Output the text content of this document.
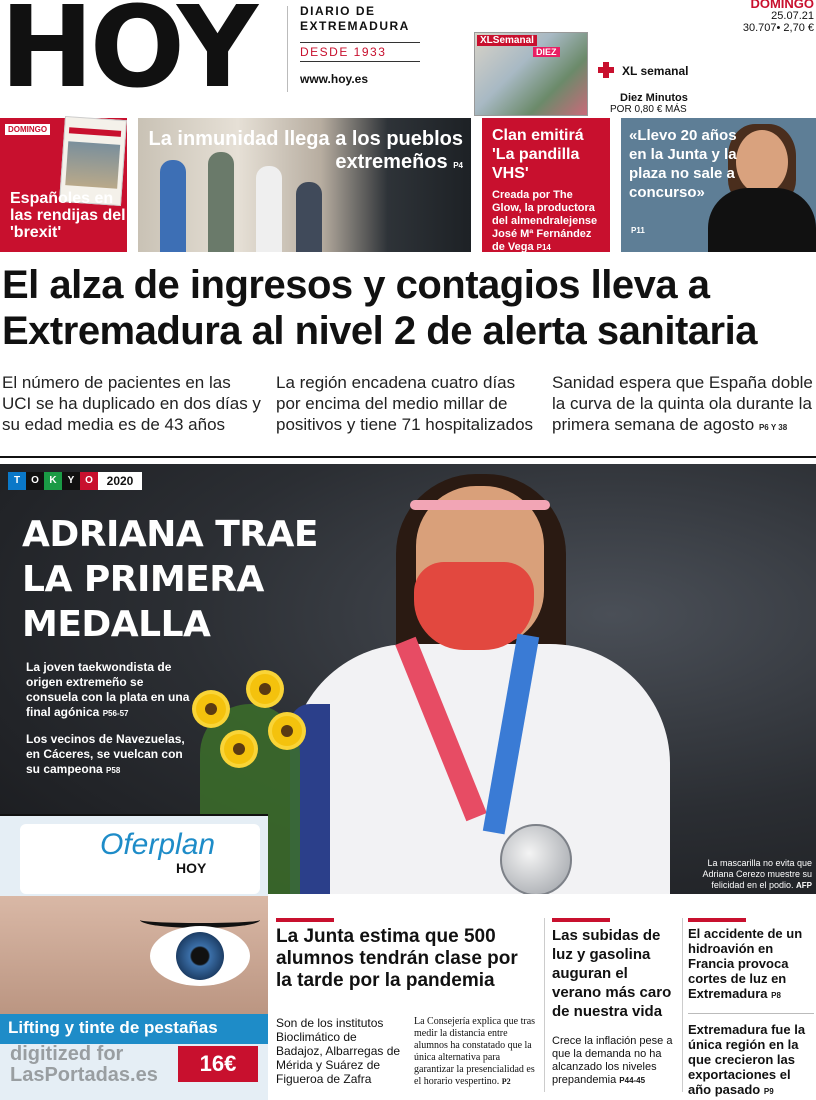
HOY	DIARIO DE EXTREMADURA
DESDE 1933
www.hoy.es
XLSemanal
DIEZ
XL semanal
Diez Minutos
POR 0,80 € MÁS
DOMINGO
25.07.21
30.707• 2,70 €
DOMINGO
Españoles en las rendijas del 'brexit'
La inmunidad llega a los pueblos extremeños P4
Clan emitirá 'La pandilla VHS'
Creada por The Glow, la productora del almendralejense José Mª Fernández de Vega P14
«Llevo 20 años en la Junta y la plaza no sale a concurso»
P11
El alza de ingresos y contagios lleva a Extremadura al nivel 2 de alerta sanitaria
El número de pacientes en las UCI se ha duplicado en dos días y su edad media es de 43 años
La región encadena cuatro días por encima del medio millar de positivos y tiene 71 hospitalizados
Sanidad espera que España doble la curva de la quinta ola durante la primera semana de agosto P6 Y 38
T	O	K	Y	O	2020
ADRIANA TRAE LA PRIMERA MEDALLA
La joven taekwondista de origen extremeño se consuela con la plata en una final agónica P56-57
Los vecinos de Navezuelas, en Cáceres, se vuelcan con su campeona P58
La mascarilla no evita que Adriana Cerezo muestre su felicidad en el podio. AFP
Oferplan
HOY
Lifting y tinte de pestañas
16€
digitized for LasPortadas.es
La Junta estima que 500 alumnos tendrán clase por la tarde por la pandemia
Son de los institutos Bioclimático de Badajoz, Albarregas de Mérida y Suárez de Figueroa de Zafra
La Consejería explica que tras medir la distancia entre alumnos ha constatado que la única alternativa para garantizar la presencialidad es el horario vespertino. P2
Las subidas de luz y gasolina auguran el verano más caro de nuestra vida
Crece la inflación pese a que la demanda no ha alcanzado los niveles prepandemia P44-45
El accidente de un hidroavión en Francia provoca cortes de luz en Extremadura P8
Extremadura fue la única región en la que crecieron las exportaciones el año pasado P9
